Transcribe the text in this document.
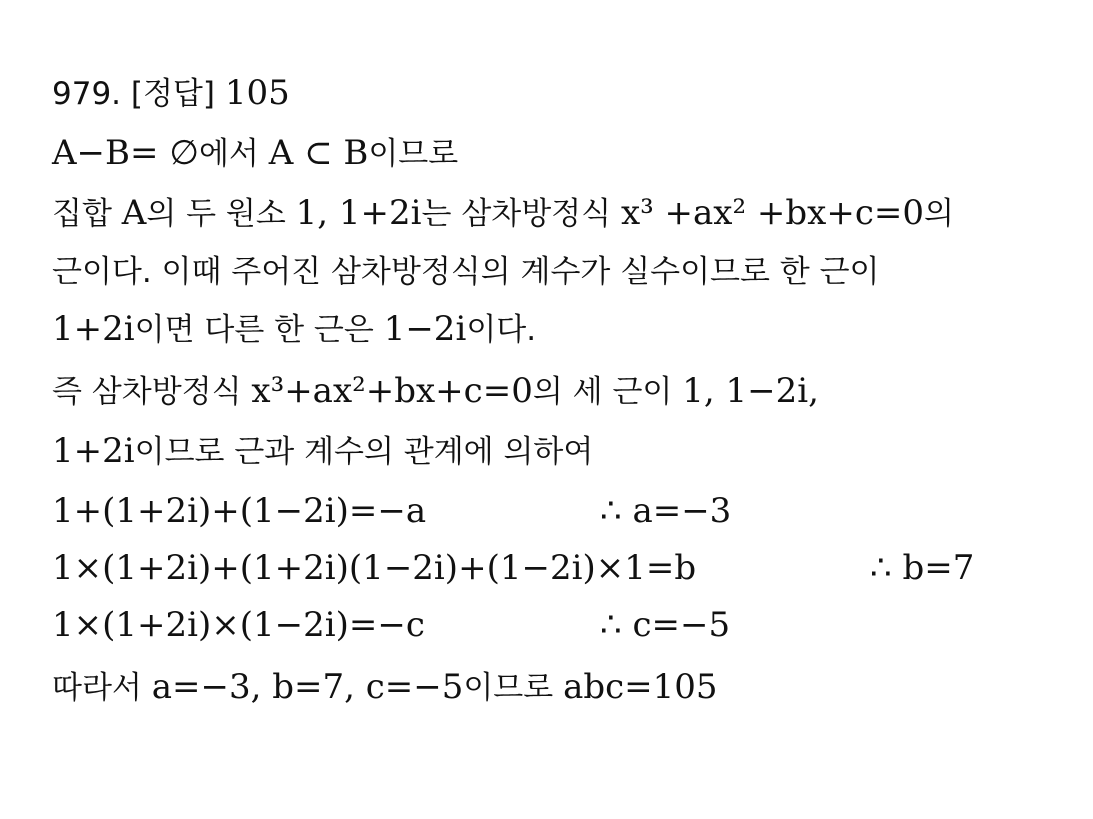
979. [정답] 105
A−B= ∅에서 A ⊂ B이므로
집합 A의 두 원소 1, 1+2i는 삼차방정식 x³ +ax² +bx+c=0의
근이다. 이때 주어진 삼차방정식의 계수가 실수이므로 한 근이
1+2i이면 다른 한 근은 1−2i이다.
즉 삼차방정식 x³+ax²+bx+c=0의 세 근이 1, 1−2i,
1+2i이므로 근과 계수의 관계에 의하여
1+(1+2i)+(1−2i)=−a	∴ a=−3
1×(1+2i)+(1+2i)(1−2i)+(1−2i)×1=b	∴ b=7
1×(1+2i)×(1−2i)=−c	∴ c=−5
따라서 a=−3, b=7, c=−5이므로 abc=105
